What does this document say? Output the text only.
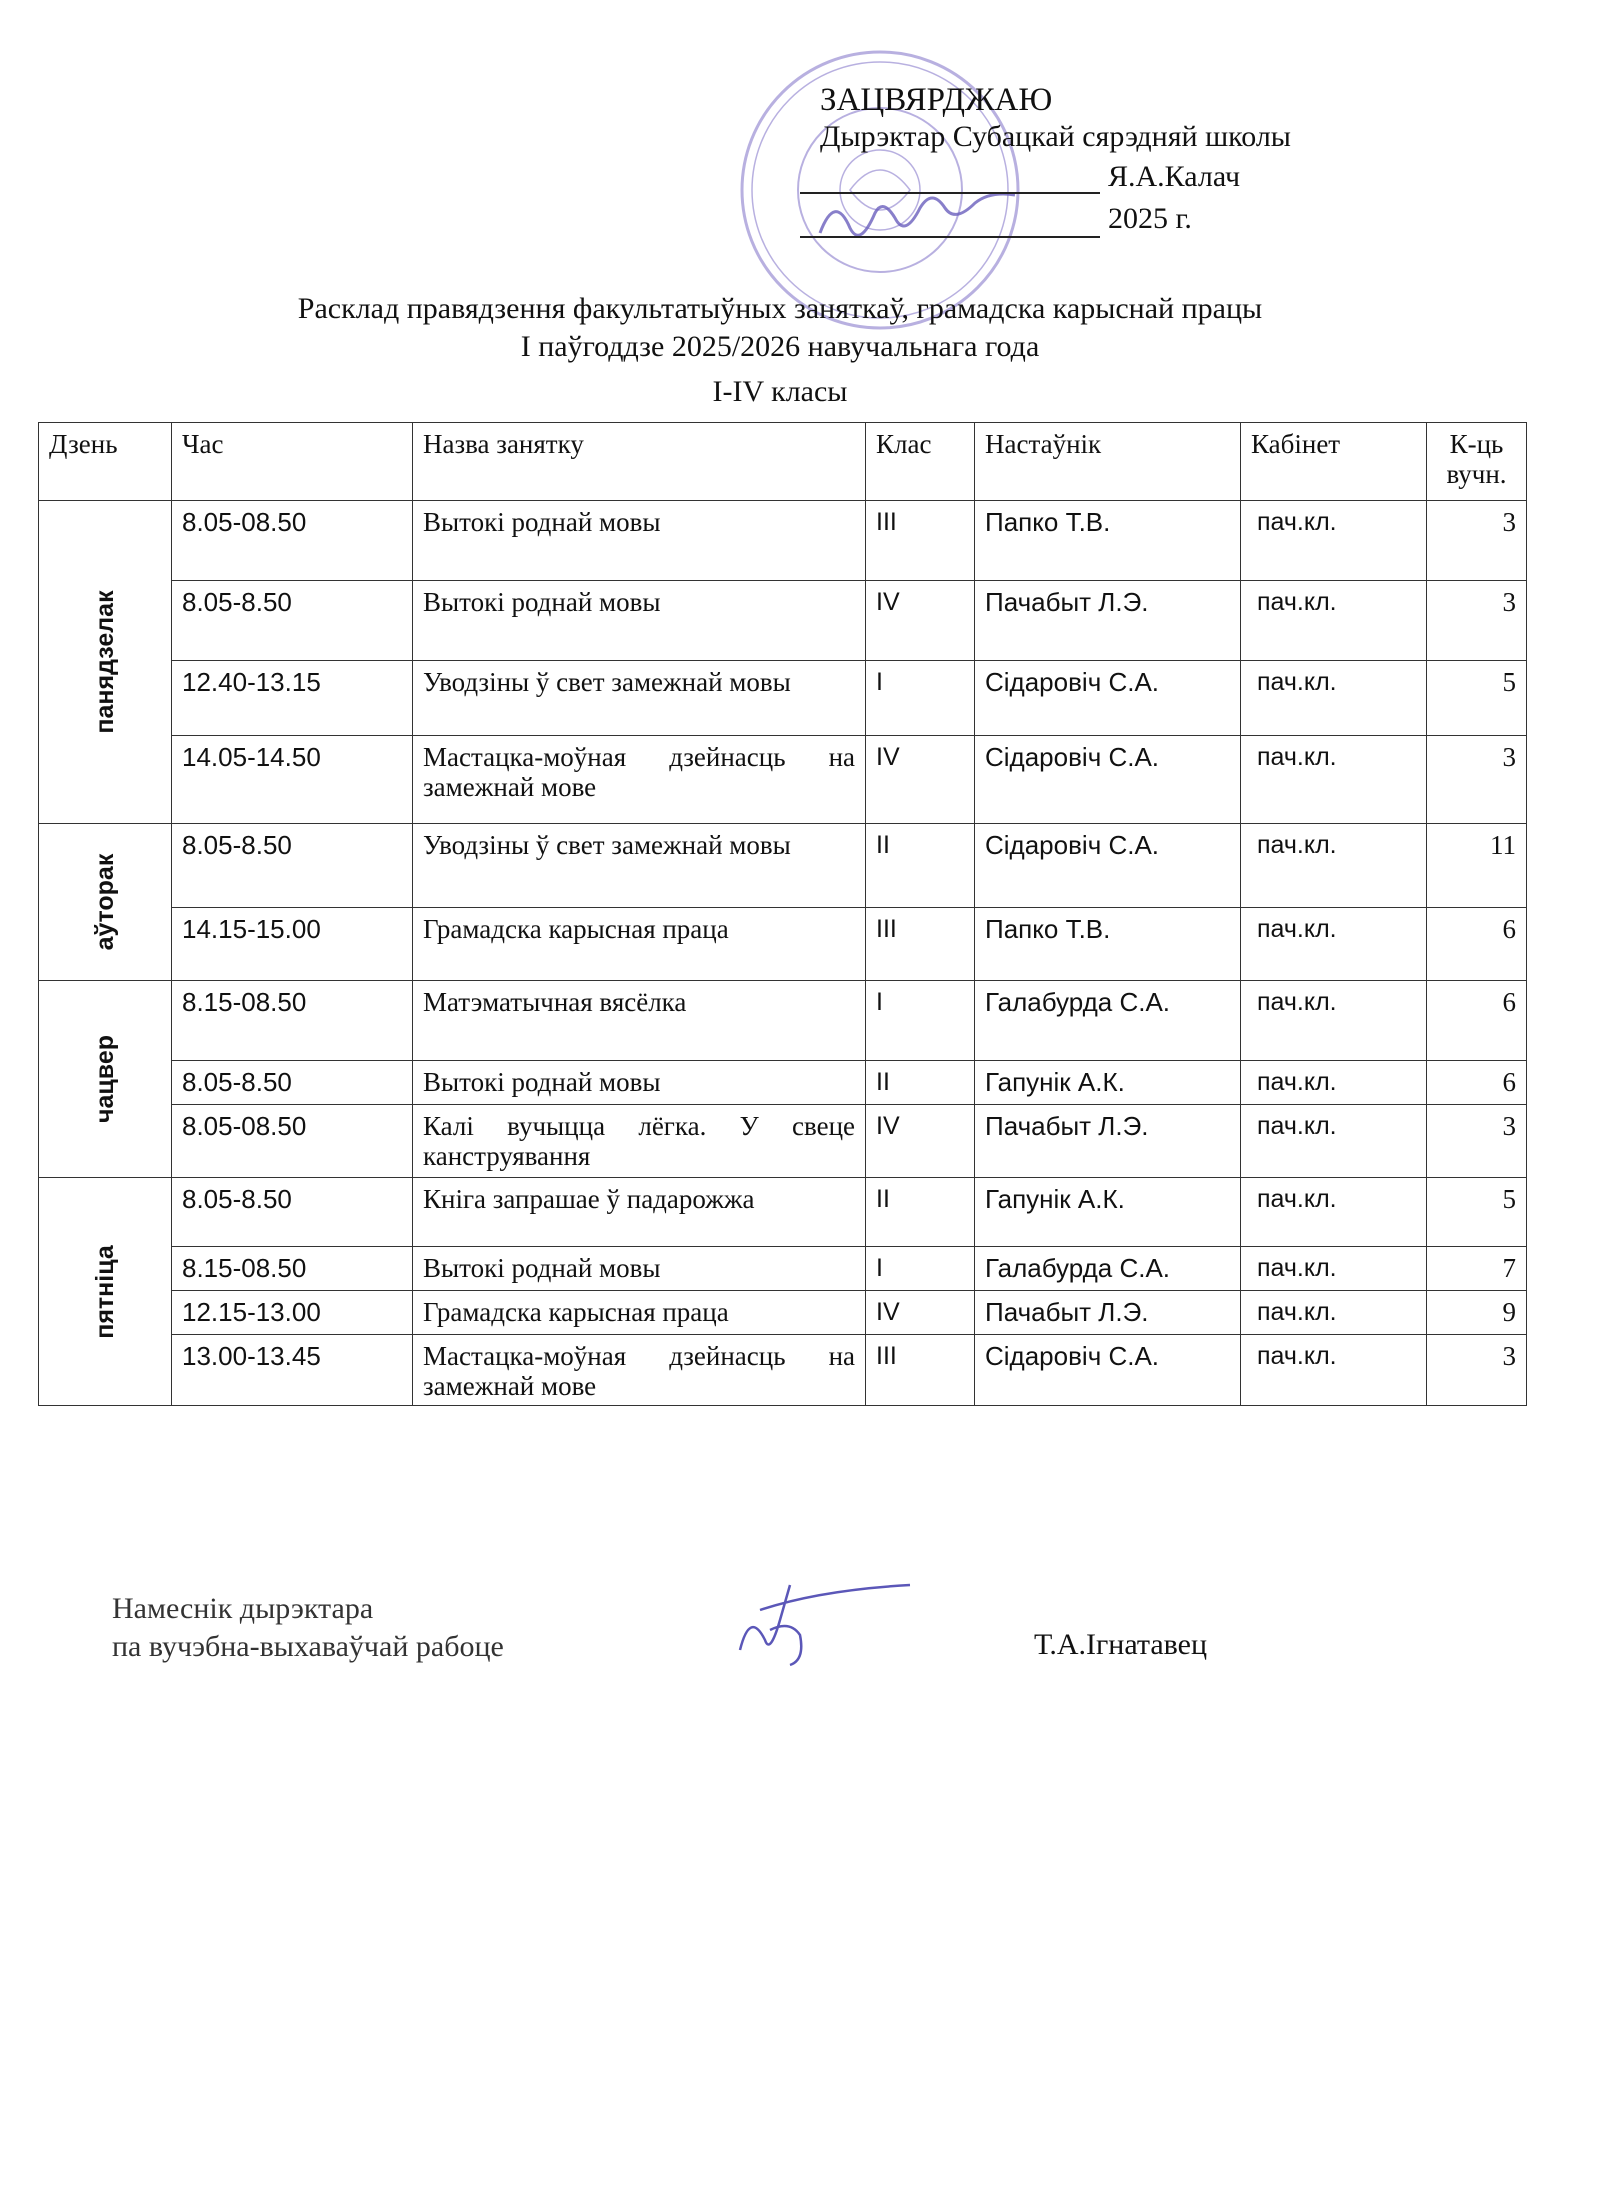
ЗАЦВЯРДЖАЮ
Дырэктар Субацкай сярэдняй школы
Я.А.Калач
2025 г.
Расклад правядзення факультатыўных заняткаў, грамадска карыснай працы
І паўгоддзе 2025/2026 навучальнага года
І-ІV класы
Дзень	Час	Назва занятку	Клас	Настаўнік	Кабінет	К-ць вучн.

панядзелак	8.05-08.50	Вытокі роднай мовы	ІІІ	Папко Т.В.	пач.кл.	3
	8.05-8.50	Вытокі роднай мовы	ІV	Пачабыт Л.Э.	пач.кл.	3
	12.40-13.15	Уводзіны ў свет замежнай мовы	І	Сідаровіч С.А.	пач.кл.	5
	14.05-14.50	Мастацка-моўная дзейнасць на замежнай мове	ІV	Сідаровіч С.А.	пач.кл.	3

аўторак	8.05-8.50	Уводзіны ў свет замежнай мовы	ІІ	Сідаровіч С.А.	пач.кл.	11
	14.15-15.00	Грамадска карысная праца	ІІІ	Папко Т.В.	пач.кл.	6

чацвер	8.15-08.50	Матэматычная вясёлка	І	Галабурда С.А.	пач.кл.	6
	8.05-8.50	Вытокі роднай мовы	ІІ	Гапунік А.К.	пач.кл.	6
	8.05-08.50	Калі вучыцца лёгка. У свеце канструявання	ІV	Пачабыт Л.Э.	пач.кл.	3

пятніца	8.05-8.50	Кніга запрашае ў падарожжа	ІІ	Гапунік А.К.	пач.кл.	5
	8.15-08.50	Вытокі роднай мовы	І	Галабурда С.А.	пач.кл.	7
	12.15-13.00	Грамадска карысная праца	ІV	Пачабыт Л.Э.	пач.кл.	9
	13.00-13.45	Мастацка-моўная дзейнасць на замежнай мове	ІІІ	Сідаровіч С.А.	пач.кл.	3
Намеснік дырэктара
па вучэбна-выхаваўчай рабоце	Т.А.Ігнатавец
